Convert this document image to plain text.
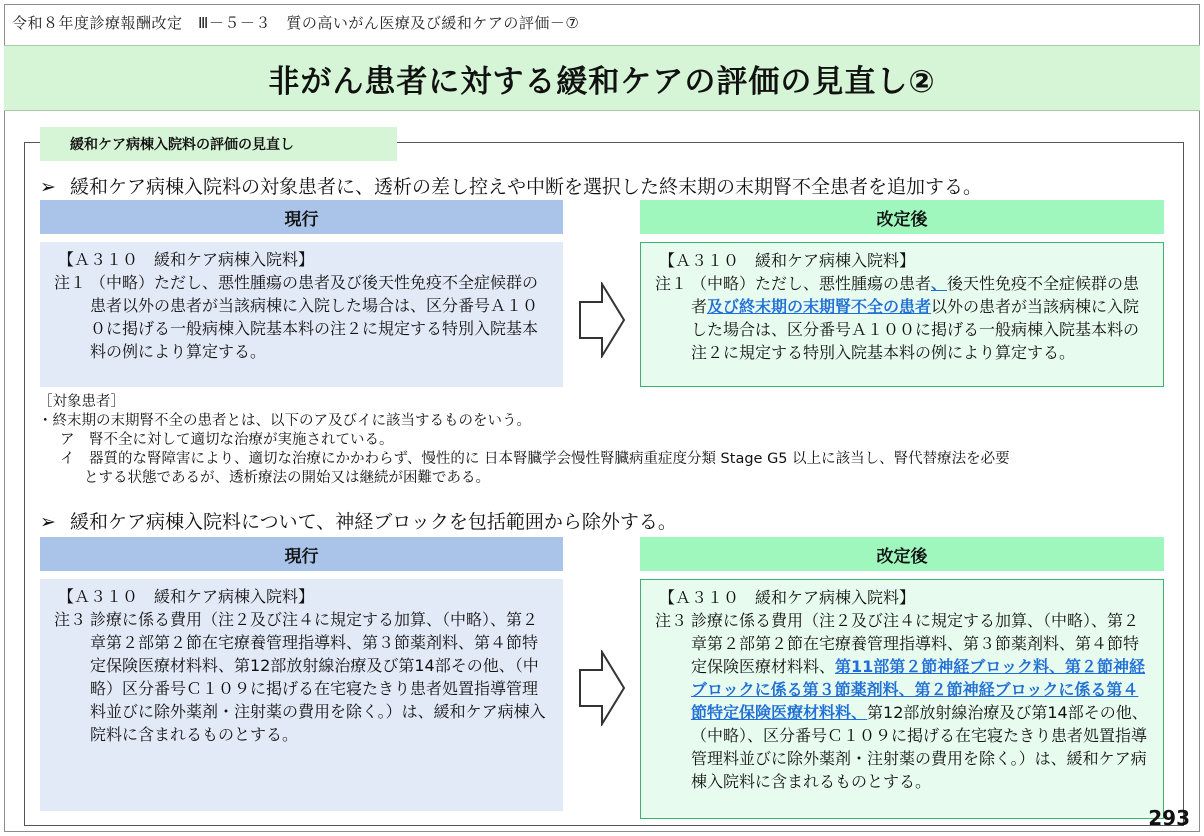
令和８年度診療報酬改定　Ⅲ－５－３　質の高いがん医療及び緩和ケアの評価－⑦
非がん患者に対する緩和ケアの評価の見直し②
緩和ケア病棟入院料の評価の見直し
➢ 緩和ケア病棟入院料の対象患者に、透析の差し控えや中断を選択した終末期の末期腎不全患者を追加する。
現行	改定後
【Ａ３１０　緩和ケア病棟入院料】
注１ （中略）ただし、悪性腫瘍の患者及び後天性免疫不全症候群の患者以外の患者が当該病棟に入院した場合は、区分番号Ａ１００に掲げる一般病棟入院基本料の注２に規定する特別入院基本料の例により算定する。
【Ａ３１０　緩和ケア病棟入院料】
注１ （中略）ただし、悪性腫瘍の患者、後天性免疫不全症候群の患者及び終末期の末期腎不全の患者以外の患者が当該病棟に入院した場合は、区分番号Ａ１００に掲げる一般病棟入院基本料の注２に規定する特別入院基本料の例により算定する。
［対象患者］
・終末期の末期腎不全の患者とは、以下のア及びイに該当するものをいう。
ア　腎不全に対して適切な治療が実施されている。
イ　器質的な腎障害により、適切な治療にかかわらず、慢性的に 日本腎臓学会慢性腎臓病重症度分類 Stage G5 以上に該当し、腎代替療法を必要
とする状態であるが、透析療法の開始又は継続が困難である。
➢ 緩和ケア病棟入院料について、神経ブロックを包括範囲から除外する。
現行	改定後
【Ａ３１０　緩和ケア病棟入院料】
注３ 診療に係る費用（注２及び注４に規定する加算、（中略）、第２章第２部第２節在宅療養管理指導料、第３節薬剤料、第４節特定保険医療材料料、第12部放射線治療及び第14部その他、（中略）区分番号Ｃ１０９に掲げる在宅寝たきり患者処置指導管理料並びに除外薬剤・注射薬の費用を除く。）は、緩和ケア病棟入院料に含まれるものとする。
【Ａ３１０　緩和ケア病棟入院料】
注３ 診療に係る費用（注２及び注４に規定する加算、（中略）、第２章第２部第２節在宅療養管理指導料、第３節薬剤料、第４節特定保険医療材料料、第11部第２節神経ブロック料、第２節神経ブロックに係る第３節薬剤料、第２節神経ブロックに係る第４節特定保険医療材料料、第12部放射線治療及び第14部その他、（中略）、区分番号Ｃ１０９に掲げる在宅寝たきり患者処置指導管理料並びに除外薬剤・注射薬の費用を除く。）は、緩和ケア病棟入院料に含まれるものとする。
293
